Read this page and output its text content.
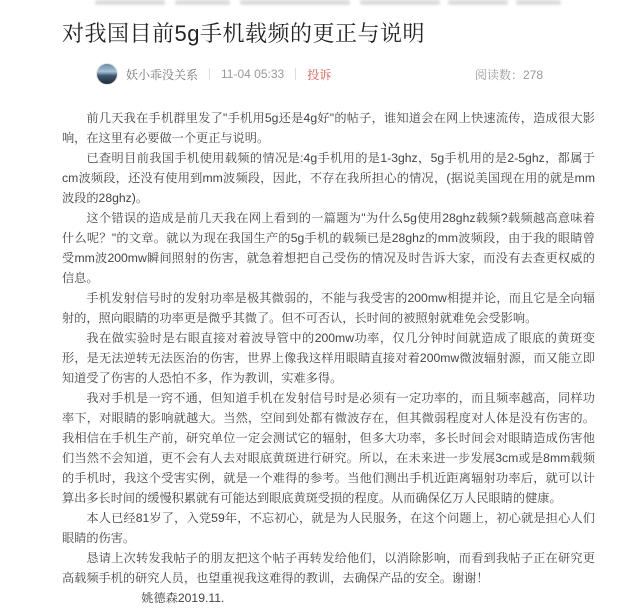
对我国目前5g手机载频的更正与说明
妖小乖没关系 11-04 05:33 投诉	阅读数：278

前几天我在手机群里发了"手机用5g还是4g好"的帖子，谁知道会在网上快速流传，造成很大影响，在这里有必要做一个更正与说明。

已查明目前我国手机使用载频的情况是:4g手机用的是1-3ghz，5g手机用的是2-5ghz，都属于cm波频段，还没有使用到mm波频段，因此，不存在我所担心的情况，(据说美国现在用的就是mm波段的28ghz)。

这个错误的造成是前几天我在网上看到的一篇题为"为什么5g使用28ghz载频?载频越高意味着什么呢？"的文章。就以为现在我国生产的5g手机的载频已是28ghz的mm波频段，由于我的眼睛曾受mm波200mw瞬间照射的伤害，就急着想把自己受伤的情况及时告诉大家，而没有去查更权威的信息。

手机发射信号时的发射功率是极其微弱的，不能与我受害的200mw相提并论，而且它是全向辐射的，照向眼睛的功率更是微乎其微了。但不可否认，长时间的被照射就难免会受影响。

我在做实验时是右眼直接对着波导管中的200mw功率，仅几分钟时间就造成了眼底的黄斑变形，是无法逆转无法医治的伤害，世界上像我这样用眼睛直接对着200mw微波辐射源，而又能立即知道受了伤害的人恐怕不多，作为教训，实难多得。

我对手机是一窍不通，但知道手机在发射信号时是必须有一定功率的，而且频率越高，同样功率下，对眼睛的影响就越大。当然，空间到处都有微波存在，但其微弱程度对人体是没有伤害的。我相信在手机生产前，研究单位一定会测试它的辐射，但多大功率，多长时间会对眼睛造成伤害他们当然不会知道，更不会有人去对眼底黄斑进行研究。所以，在未来进一步发展3cm或是8mm载频的手机时，我这个受害实例，就是一个难得的参考。当他们测出手机近距离辐射功率后，就可以计算出多长时间的缓慢积累就有可能达到眼底黄斑受损的程度。从而确保亿万人民眼睛的健康。

本人已经81岁了，入党59年，不忘初心，就是为人民服务，在这个问题上，初心就是担心人们眼睛的伤害。

恳请上次转发我帖子的朋友把这个帖子再转发给他们，以消除影响，而看到我帖子正在研究更高载频手机的研究人员，也望重视我这难得的教训，去确保产品的安全。谢谢！

姚德森2019.11.
